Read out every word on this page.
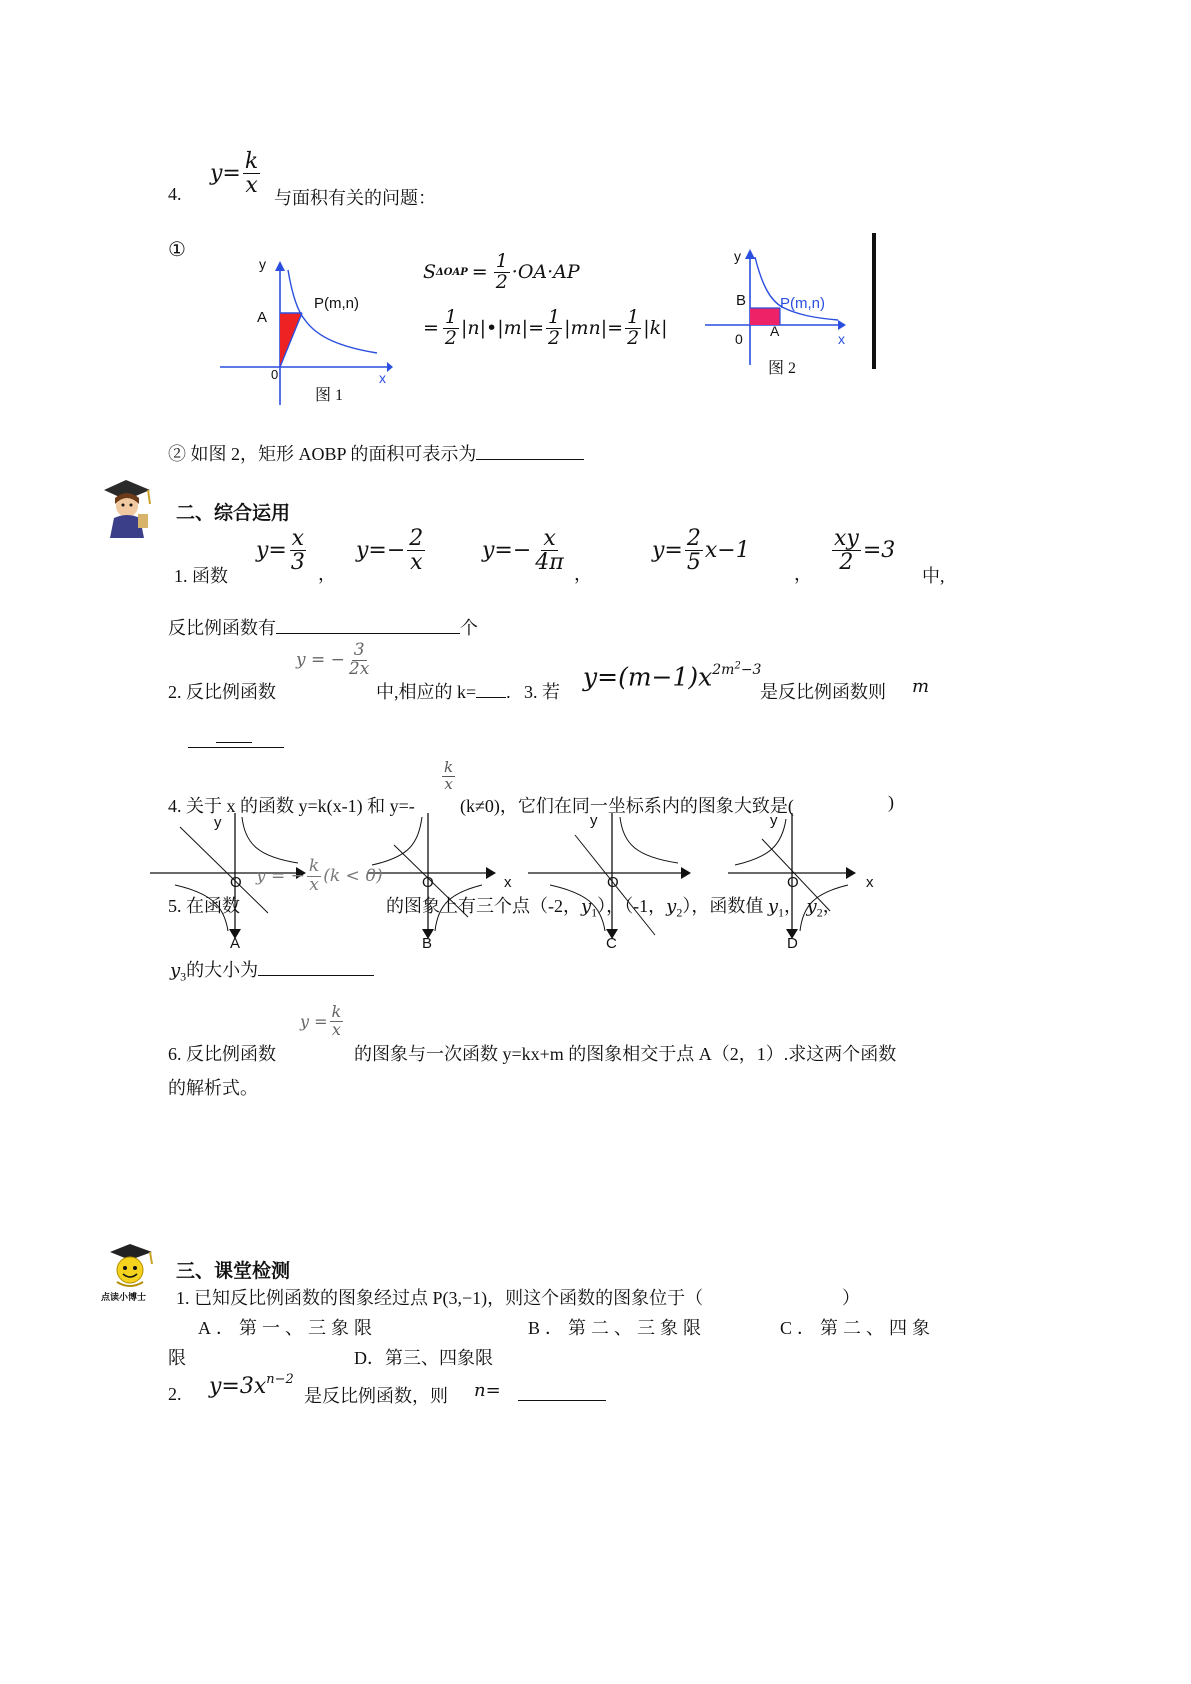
4.
$y= \frac{k}{x}$
与面积有关的问题：
①
y
x
A
0
P(m,n)
图 1
S $\Delta OAP = \frac{1}{2} \cdot OA\cdot AP$
= $\frac{1}{2}$ |n|•|m|= $\frac{1}{2} |mn|= \frac{1}{2} |k|$
y
x
B
0 A
P(m,n)
图 2
② 如图 2，矩形 AOBP 的面积可表示为
二、综合运用
1. 函数
$y= \frac{x}{3}$ ，
$y=- \frac{2}{x}$	$y=- \frac{x}{4\pi}$ ，
$y= \frac{2}{5} x-1$
， $\frac{xy}{2} =3$
中,
反比例函数有	个
2. 反比例函数
y = − $\frac{3}{2x}$
中,相应的 k= . 3. 若
$y=(m-1)x^{2m^2-3}$
是反比例函数则 m
4. 关于 x 的函数 y=k(x-1) 和 y=-
$\frac{k}{x}$
(k≠0)，它们在同一坐标系内的图象大致是(	)
y
O
A
x
O
B
y
O
C
y
x
O
D
5. 在函数
y = − $\frac{k}{x} (k < 0)$
的图象上有三个点（-2，$y_1$），（-1，$y_2$），函数值 $y_1$， $y_2$，
$y_3$的大小为
6. 反比例函数
$y = \frac{k}{x}$
的图象与一次函数 y=kx+m 的图象相交于点 A（2，1）.求这两个函数
的解析式。
点读小博士
三、课堂检测
1. 已知反比例函数的图象经过点 P(3,−1)，则这个函数的图象位于（	）
A．第一、三象限	B．第二、三象限	C．第二、四象
限	D．第三、四象限
2. $y=3x^{n-2}$
是反比例函数，则 n=
